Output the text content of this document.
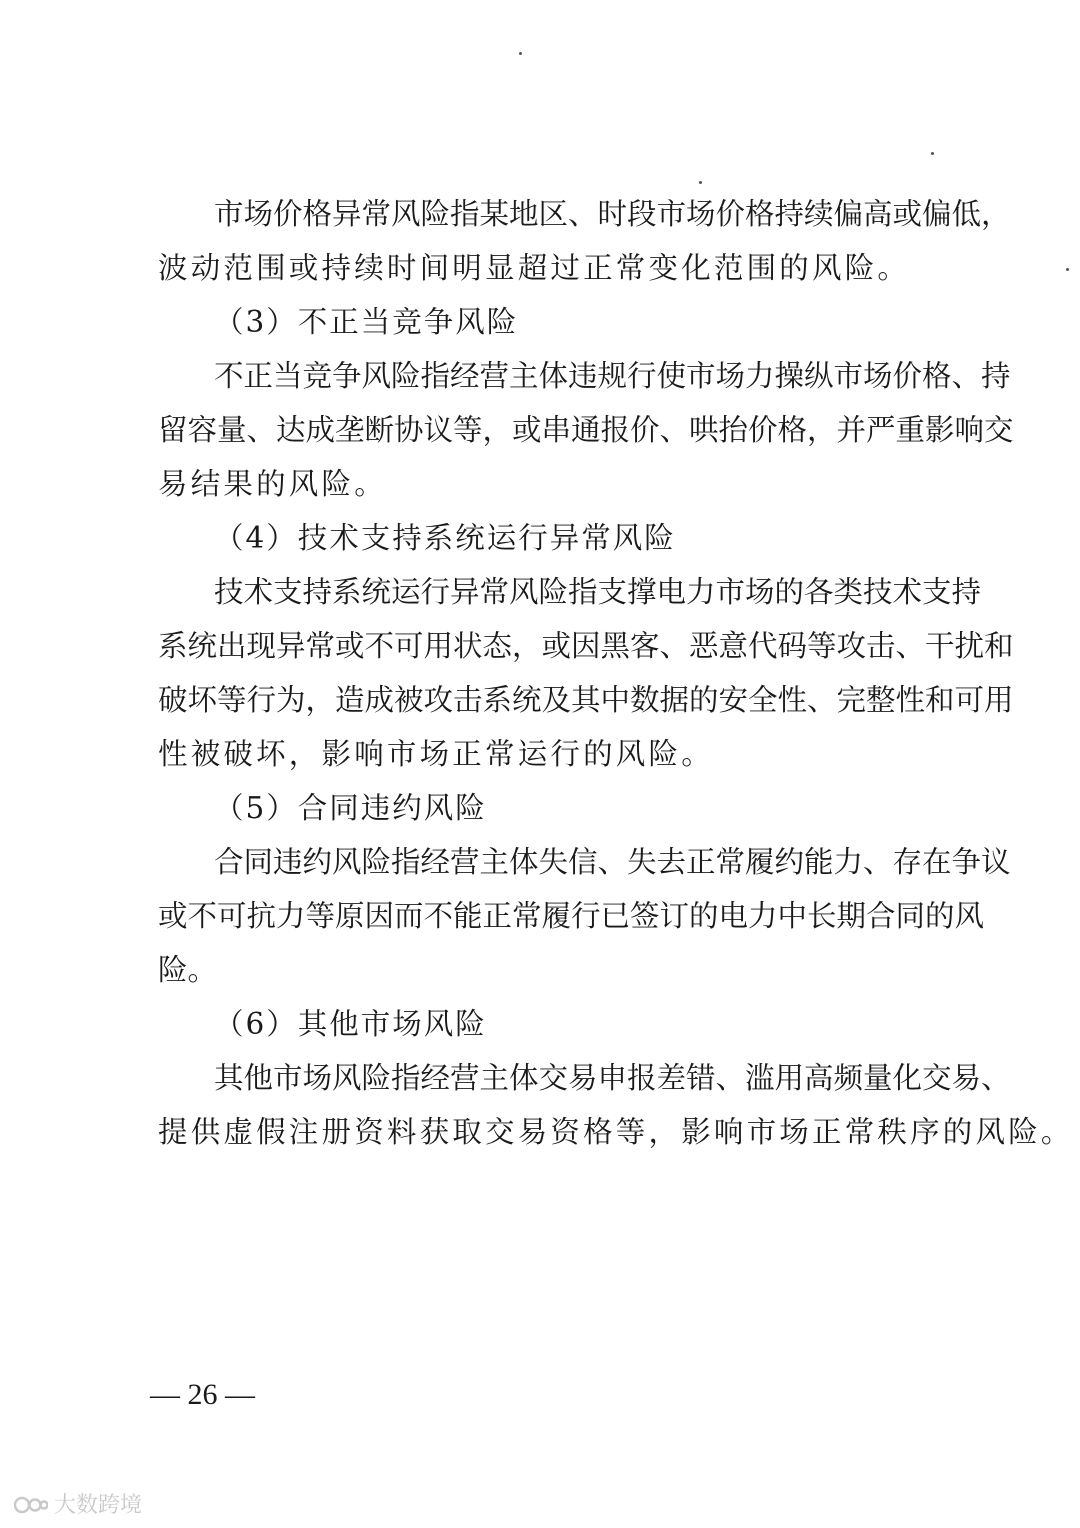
市场价格异常风险指某地区、时段市场价格持续偏高或偏低，
波动范围或持续时间明显超过正常变化范围的风险。
（3）不正当竞争风险
不正当竞争风险指经营主体违规行使市场力操纵市场价格、持
留容量、达成垄断协议等，或串通报价、哄抬价格，并严重影响交
易结果的风险。
（4）技术支持系统运行异常风险
技术支持系统运行异常风险指支撑电力市场的各类技术支持
系统出现异常或不可用状态，或因黑客、恶意代码等攻击、干扰和
破坏等行为，造成被攻击系统及其中数据的安全性、完整性和可用
性被破坏，影响市场正常运行的风险。
（5）合同违约风险
合同违约风险指经营主体失信、失去正常履约能力、存在争议
或不可抗力等原因而不能正常履行已签订的电力中长期合同的风
险。
（6）其他市场风险
其他市场风险指经营主体交易申报差错、滥用高频量化交易、
提供虚假注册资料获取交易资格等，影响市场正常秩序的风险。
— 26 —
大数跨境
